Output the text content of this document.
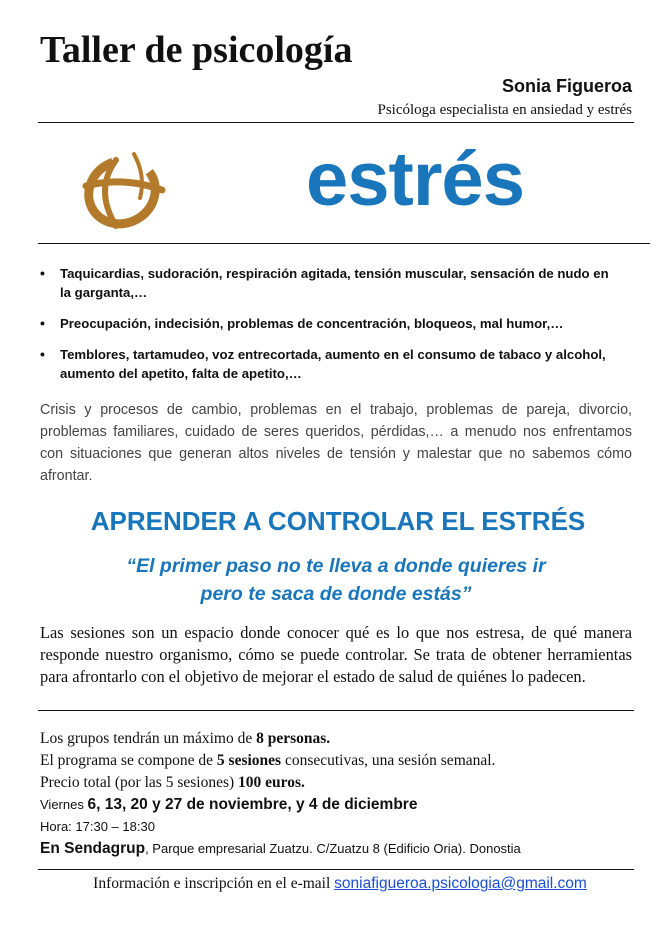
Taller de psicología
Sonia Figueroa
Psicóloga especialista en ansiedad y estrés
estrés
• Taquicardias, sudoración, respiración agitada, tensión muscular, sensación de nudo en la garganta,…
• Preocupación, indecisión, problemas de concentración, bloqueos, mal humor,…
• Temblores, tartamudeo, voz entrecortada, aumento en el consumo de tabaco y alcohol, aumento del apetito, falta de apetito,…
Crisis y procesos de cambio, problemas en el trabajo, problemas de pareja, divorcio, problemas familiares, cuidado de seres queridos, pérdidas,… a menudo nos enfrentamos con situaciones que generan altos niveles de tensión y malestar que no sabemos cómo afrontar.
APRENDER A CONTROLAR EL ESTRÉS
“El primer paso no te lleva a donde quieres ir
pero te saca de donde estás”
Las sesiones son un espacio donde conocer qué es lo que nos estresa, de qué manera responde nuestro organismo, cómo se puede controlar. Se trata de obtener herramientas para afrontarlo con el objetivo de mejorar el estado de salud de quiénes lo padecen.
Los grupos tendrán un máximo de 8 personas.
El programa se compone de 5 sesiones consecutivas, una sesión semanal.
Precio total (por las 5 sesiones) 100 euros.
Viernes 6, 13, 20 y 27 de noviembre, y 4 de diciembre
Hora: 17:30 – 18:30
En Sendagrup, Parque empresarial Zuatzu. C/Zuatzu 8 (Edificio Oria). Donostia
Información e inscripción en el e-mail soniafigueroa.psicologia@gmail.com
